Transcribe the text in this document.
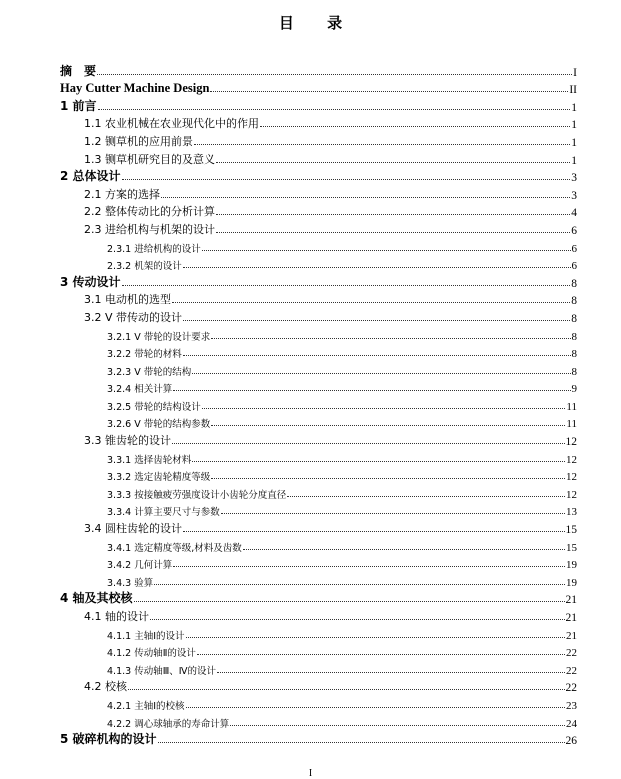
目 录
摘　要	I
Hay Cutter Machine Design	II
1 前言	1
1.1 农业机械在农业现代化中的作用	1
1.2 铡草机的应用前景	1
1.3 铡草机研究目的及意义	1
2 总体设计	3
2.1 方案的选择	3
2.2 整体传动比的分析计算	4
2.3 进给机构与机架的设计	6
2.3.1 进给机构的设计	6
2.3.2 机架的设计	6
3 传动设计	8
3.1 电动机的选型	8
3.2 V 带传动的设计	8
3.2.1 V 带轮的设计要求	8
3.2.2 带轮的材料	8
3.2.3 V 带轮的结构	8
3.2.4 相关计算	9
3.2.5 带轮的结构设计	11
3.2.6 V 带轮的结构参数	11
3.3 锥齿轮的设计	12
3.3.1 选择齿轮材料	12
3.3.2 选定齿轮精度等级	12
3.3.3 按接触疲劳强度设计小齿轮分度直径	12
3.3.4 计算主要尺寸与参数	13
3.4 圆柱齿轮的设计	15
3.4.1 选定精度等级,材料及齿数	15
3.4.2 几何计算	19
3.4.3 验算	19
4 轴及其校核	21
4.1 轴的设计	21
4.1.1 主轴Ⅰ的设计	21
4.1.2 传动轴Ⅱ的设计	22
4.1.3 传动轴Ⅲ、Ⅳ的设计	22
4.2 校核	22
4.2.1 主轴Ⅰ的校核	23
4.2.2 调心球轴承的寿命计算	24
5 破碎机构的设计	26
I
